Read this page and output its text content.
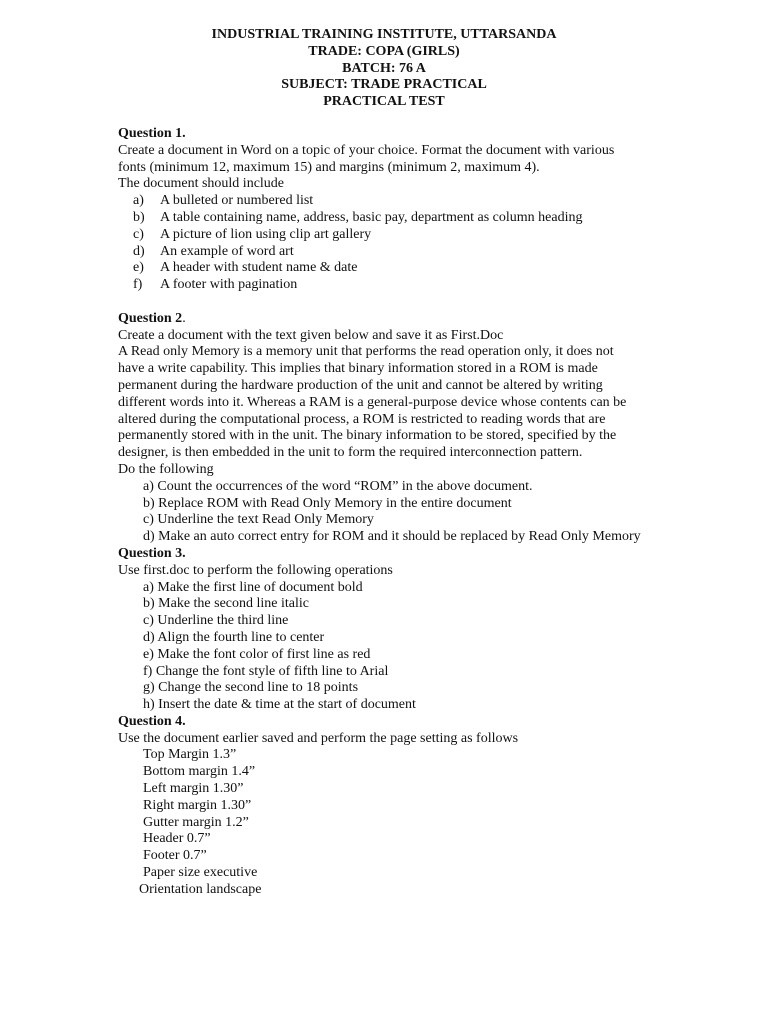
INDUSTRIAL TRAINING INSTITUTE, UTTARSANDA
TRADE: COPA (GIRLS)
BATCH: 76 A
SUBJECT: TRADE PRACTICAL
PRACTICAL TEST
Question 1.
Create a document in Word on a topic of your choice. Format the document with various
fonts (minimum 12, maximum 15) and margins (minimum 2, maximum 4).
The document should include
a) A bulleted or numbered list
b) A table containing name, address, basic pay, department as column heading
c) A picture of lion using clip art gallery
d) An example of word art
e) A header with student name & date
f) A footer with pagination
Question 2.
Create a document with the text given below and save it as First.Doc
A Read only Memory is a memory unit that performs the read operation only, it does not
have a write capability. This implies that binary information stored in a ROM is made
permanent during the hardware production of the unit and cannot be altered by writing
different words into it. Whereas a RAM is a general-purpose device whose contents can be
altered during the computational process, a ROM is restricted to reading words that are
permanently stored with in the unit. The binary information to be stored, specified by the
designer, is then embedded in the unit to form the required interconnection pattern.
Do the following
a) Count the occurrences of the word “ROM” in the above document.
b) Replace ROM with Read Only Memory in the entire document
c) Underline the text Read Only Memory
d) Make an auto correct entry for ROM and it should be replaced by Read Only Memory
Question 3.
Use first.doc to perform the following operations
a) Make the first line of document bold
b) Make the second line italic
c) Underline the third line
d) Align the fourth line to center
e) Make the font color of first line as red
f) Change the font style of fifth line to Arial
g) Change the second line to 18 points
h) Insert the date & time at the start of document
Question 4.
Use the document earlier saved and perform the page setting as follows
Top Margin 1.3”
Bottom margin 1.4”
Left margin 1.30”
Right margin 1.30”
Gutter margin 1.2”
Header 0.7”
Footer 0.7”
Paper size executive
Orientation landscape
